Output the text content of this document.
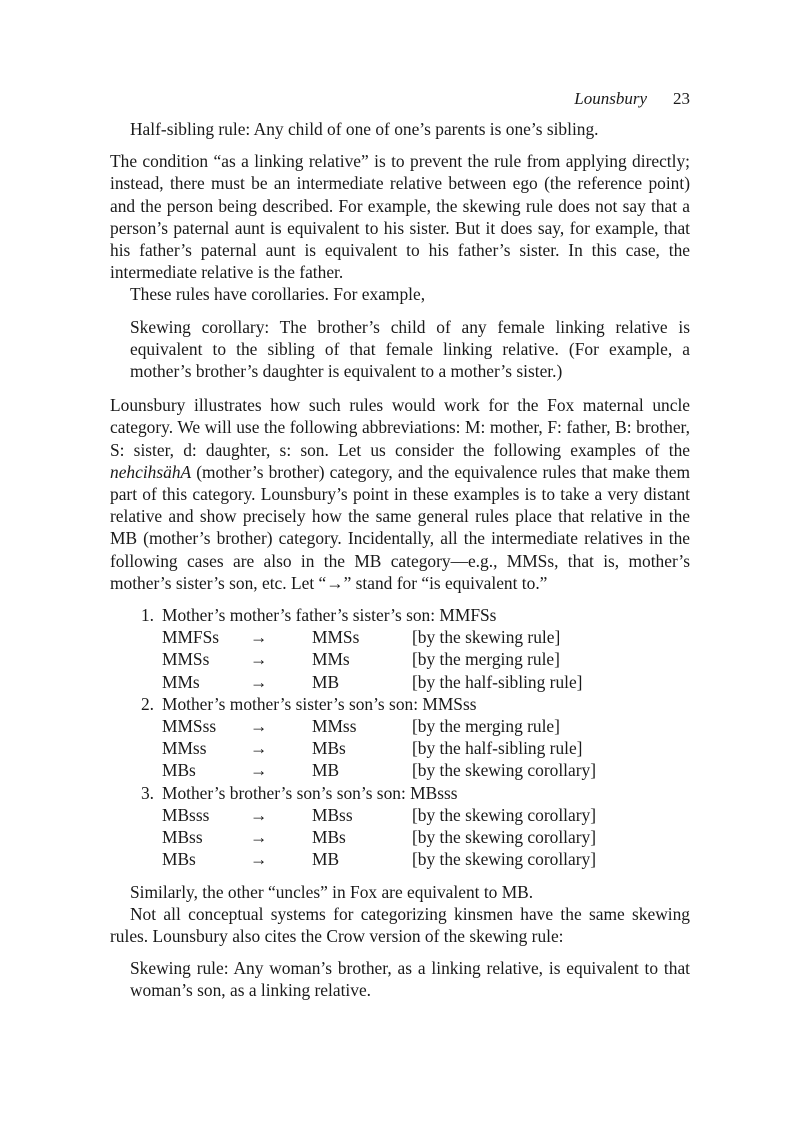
Lounsbury 23

Half-sibling rule: Any child of one of one’s parents is one’s sibling.

The condition “as a linking relative” is to prevent the rule from applying directly; instead, there must be an intermediate relative between ego (the reference point) and the person being described. For example, the skewing rule does not say that a person’s paternal aunt is equivalent to his sister. But it does say, for example, that his father’s paternal aunt is equivalent to his father’s sister. In this case, the intermediate relative is the father.

These rules have corollaries. For example,

Skewing corollary: The brother’s child of any female linking relative is equivalent to the sibling of that female linking relative. (For example, a mother’s brother’s daughter is equivalent to a mother’s sister.)

Lounsbury illustrates how such rules would work for the Fox maternal uncle category. We will use the following abbreviations: M: mother, F: father, B: brother, S: sister, d: daughter, s: son. Let us consider the following examples of the nehcihsähA (mother’s brother) category, and the equivalence rules that make them part of this category. Lounsbury’s point in these examples is to take a very distant relative and show precisely how the same general rules place that relative in the MB (mother’s brother) category. Incidentally, all the intermediate relatives in the following cases are also in the MB category—e.g., MMSs, that is, mother’s mother’s sister’s son, etc. Let “→” stand for “is equivalent to.”

1. Mother’s mother’s father’s sister’s son: MMFSs
MMFSs	→	MMSs	[by the skewing rule]
MMSs	→	MMs	[by the merging rule]
MMs	→	MB	[by the half-sibling rule]
2. Mother’s mother’s sister’s son’s son: MMSss
MMSss	→	MMss	[by the merging rule]
MMss	→	MBs	[by the half-sibling rule]
MBs	→	MB	[by the skewing corollary]
3. Mother’s brother’s son’s son’s son: MBsss
MBsss	→	MBss	[by the skewing corollary]
MBss	→	MBs	[by the skewing corollary]
MBs	→	MB	[by the skewing corollary]

Similarly, the other “uncles” in Fox are equivalent to MB.

Not all conceptual systems for categorizing kinsmen have the same skewing rules. Lounsbury also cites the Crow version of the skewing rule:

Skewing rule: Any woman’s brother, as a linking relative, is equivalent to that woman’s son, as a linking relative.
